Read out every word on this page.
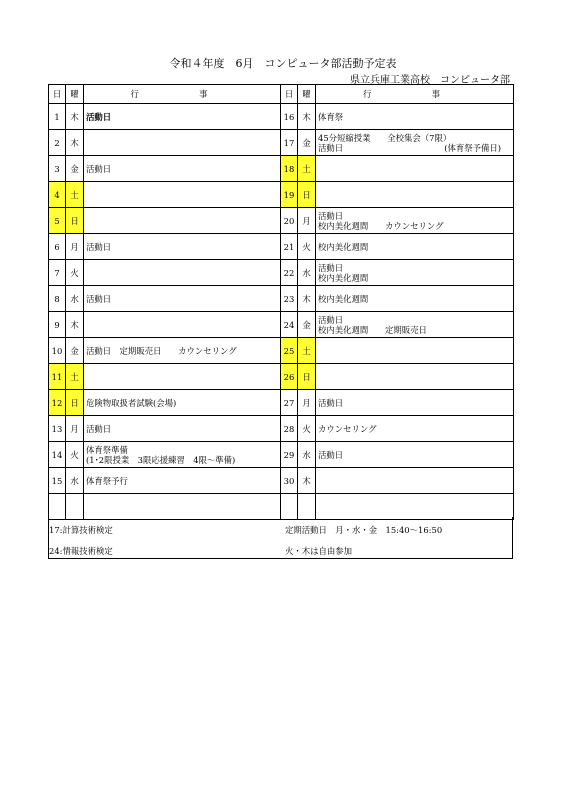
令和４年度　6月　コンピュータ部活動予定表
県立兵庫工業高校　コンピュータ部
日	曜	行　事	日	曜	行　事
1	木	活動日	16	木	体育祭

2	木		17	金	45分短縮授業　　全校集会（7限）
(体育祭予備日)
活動日
3	金	活動日	18	土	

4	土		19	日	

5	日		20	月	活動日
校内美化週間　　カウンセリング

6	月	活動日	21	火	校内美化週間

7	火		22	水	活動日
校内美化週間

8	水	活動日	23	木	校内美化週間

9	木		24	金	活動日
校内美化週間　　定期販売日

10	金	活動日　定期販売日　　カウンセリング	25	土	

11	土		26	日	

12	日	危険物取扱者試験(会場)	27	月	活動日

13	月	活動日	28	火	カウンセリング

14	火	体育祭準備
(1･2限授業　3限応援練習　4限～準備)	29	水	活動日

15	水	体育祭予行	30	木	

17:計算技術検定
24:情報技術検定
定期活動日　月・水・金　15:40～16:50
火・木は自由参加
